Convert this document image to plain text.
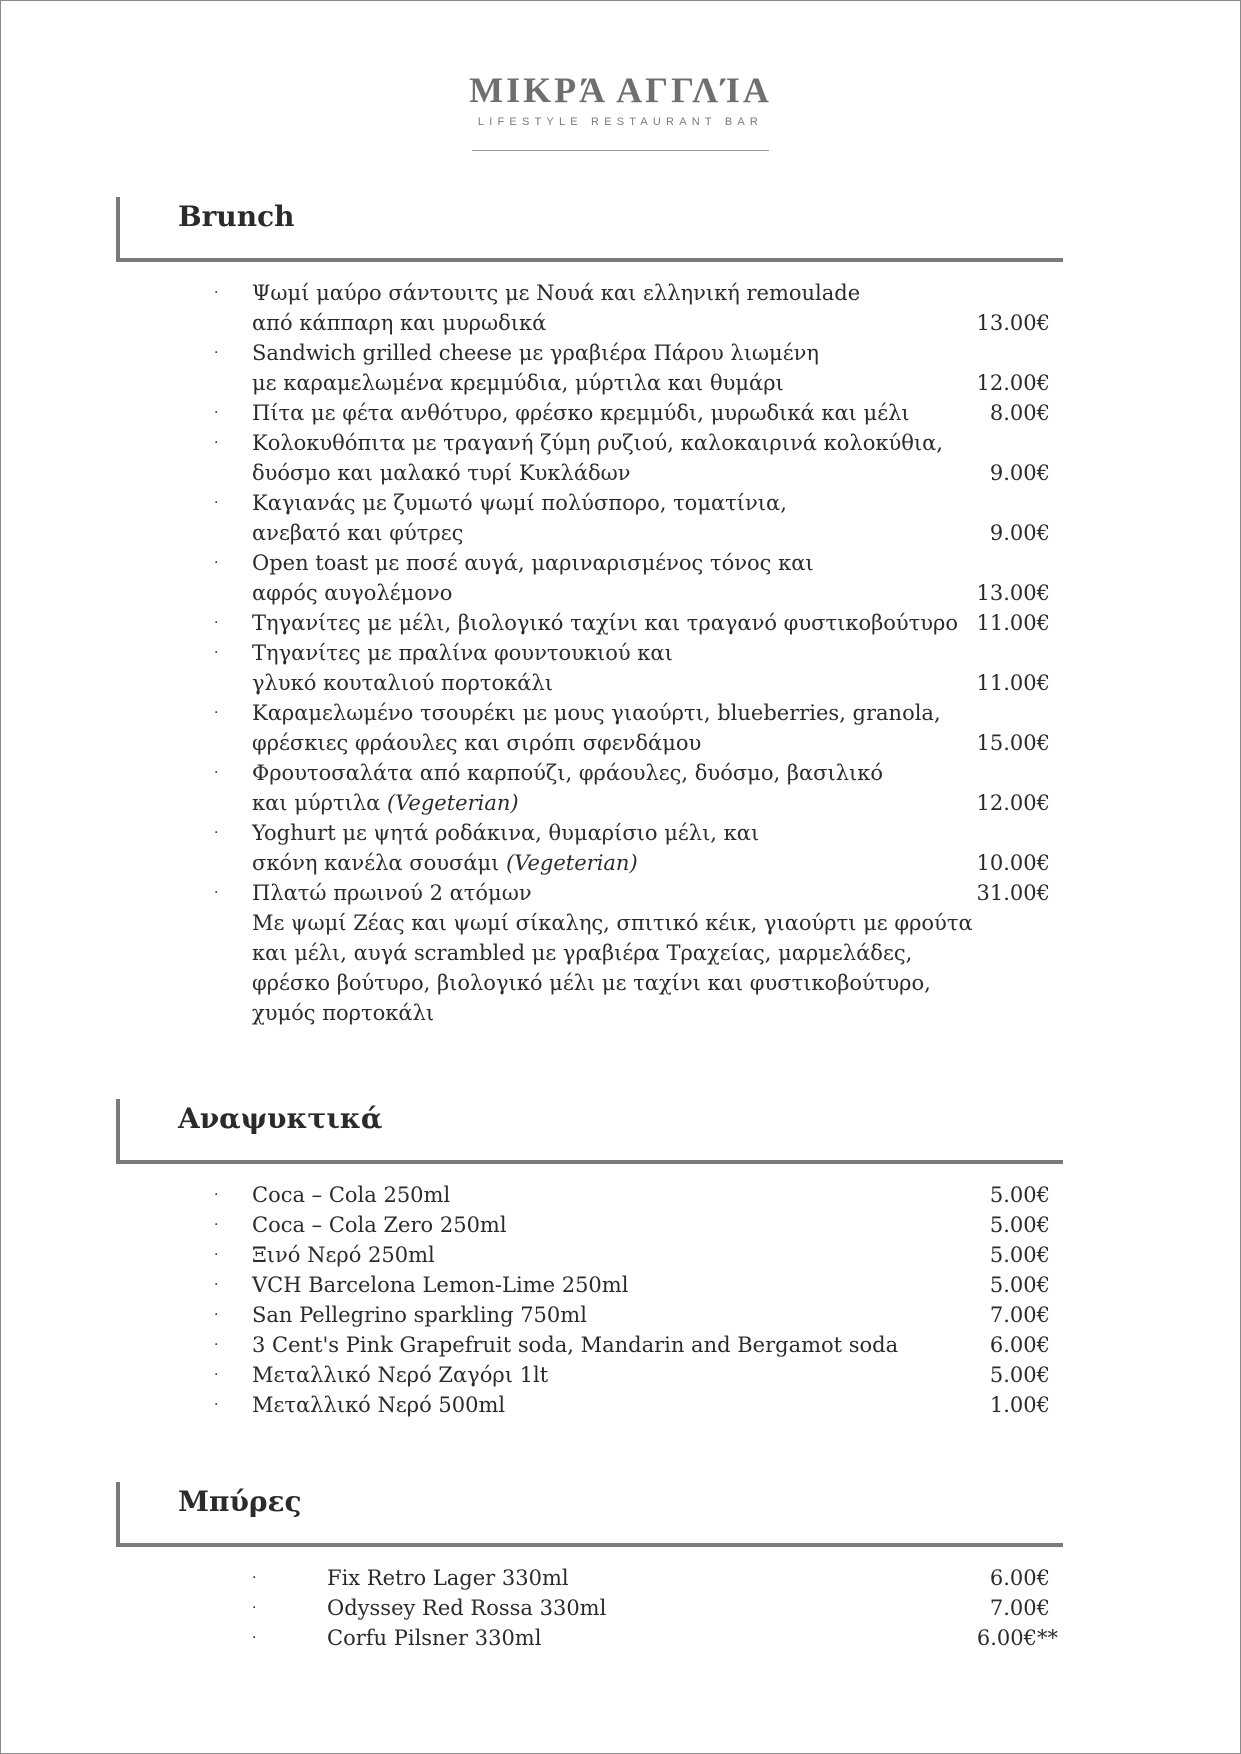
ΜΙΚΡΆ ΑΓΓΛΊΑ
LIFESTYLE RESTAURANT BAR
Brunch
· Ψωμί μαύρο σάντουιτς με Νουά και ελληνική remoulade
από κάππαρη και μυρωδικά	13.00€
· Sandwich grilled cheese με γραβιέρα Πάρου λιωμένη
με καραμελωμένα κρεμμύδια, μύρτιλα και θυμάρι	12.00€
· Πίτα με φέτα ανθότυρο, φρέσκο κρεμμύδι, μυρωδικά και μέλι	8.00€
· Κολοκυθόπιτα με τραγανή ζύμη ρυζιού, καλοκαιρινά κολοκύθια,
δυόσμο και μαλακό τυρί Κυκλάδων	9.00€
· Καγιανάς με ζυμωτό ψωμί πολύσπορο, τοματίνια,
ανεβατό και φύτρες	9.00€
· Open toast με ποσέ αυγά, μαριναρισμένος τόνος και
αφρός αυγολέμονο	13.00€
· Τηγανίτες με μέλι, βιολογικό ταχίνι και τραγανό φυστικοβούτυρο 11.00€
· Τηγανίτες με πραλίνα φουντουκιού και
γλυκό κουταλιού πορτοκάλι	11.00€
· Καραμελωμένο τσουρέκι με μους γιαούρτι, blueberries, granola,
φρέσκιες φράουλες και σιρόπι σφενδάμου	15.00€
· Φρουτοσαλάτα από καρπούζι, φράουλες, δυόσμο, βασιλικό
και μύρτιλα (Vegeterian)	12.00€
· Yoghurt με ψητά ροδάκινα, θυμαρίσιο μέλι, και
σκόνη κανέλα σουσάμι (Vegeterian)	10.00€
· Πλατώ πρωινού 2 ατόμων	31.00€
Με ψωμί Ζέας και ψωμί σίκαλης, σπιτικό κέικ, γιαούρτι με φρούτα
και μέλι, αυγά scrambled με γραβιέρα Τραχείας, μαρμελάδες,
φρέσκο βούτυρο, βιολογικό μέλι με ταχίνι και φυστικοβούτυρο,
χυμός πορτοκάλι
Αναψυκτικά
· Coca – Cola 250ml	5.00€
· Coca – Cola Zero 250ml	5.00€
· Ξινό Νερό 250ml	5.00€
· VCH Barcelona Lemon-Lime 250ml	5.00€
· San Pellegrino sparkling 750ml	7.00€
· 3 Cent's Pink Grapefruit soda, Mandarin and Bergamot soda	6.00€
· Μεταλλικό Νερό Ζαγόρι 1lt	5.00€
· Μεταλλικό Νερό 500ml	1.00€
Μπύρες
·	Fix Retro Lager 330ml	6.00€
·	Odyssey Red Rossa 330ml	7.00€
·	Corfu Pilsner 330ml	6.00€**
